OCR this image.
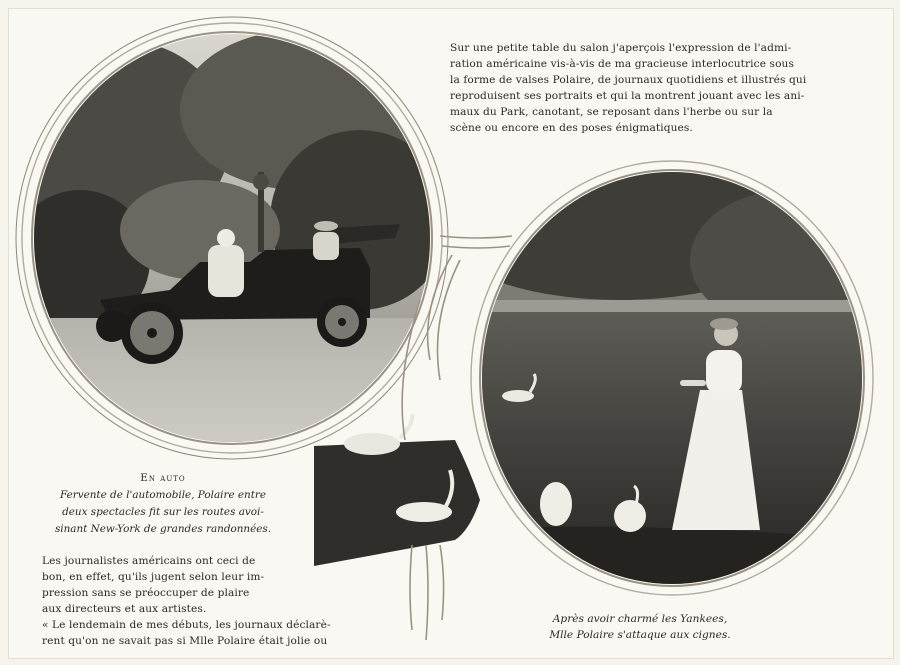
Sur une petite table du salon j'aperçois l'expression de l'admi-
ration américaine vis-à-vis de ma gracieuse interlocutrice sous
la forme de valses Polaire, de journaux quotidiens et illustrés qui
reproduisent ses portraits et qui la montrent jouant avec les ani-
maux du Park, canotant, se reposant dans l'herbe ou sur la
scène ou encore en des poses énigmatiques.
En auto
Fervente de l'automobile, Polaire entre
deux spectacles fit sur les routes avoi-
sinant New-York de grandes randonnées.
Les journalistes américains ont ceci de
bon, en effet, qu'ils jugent selon leur im-
pression sans se préoccuper de plaire
aux directeurs et aux artistes.
« Le lendemain de mes débuts, les journaux déclarè-
rent qu'on ne savait pas si Mlle Polaire était jolie ou
Après avoir charmé les Yankees,
Mlle Polaire s'attaque aux cignes.
